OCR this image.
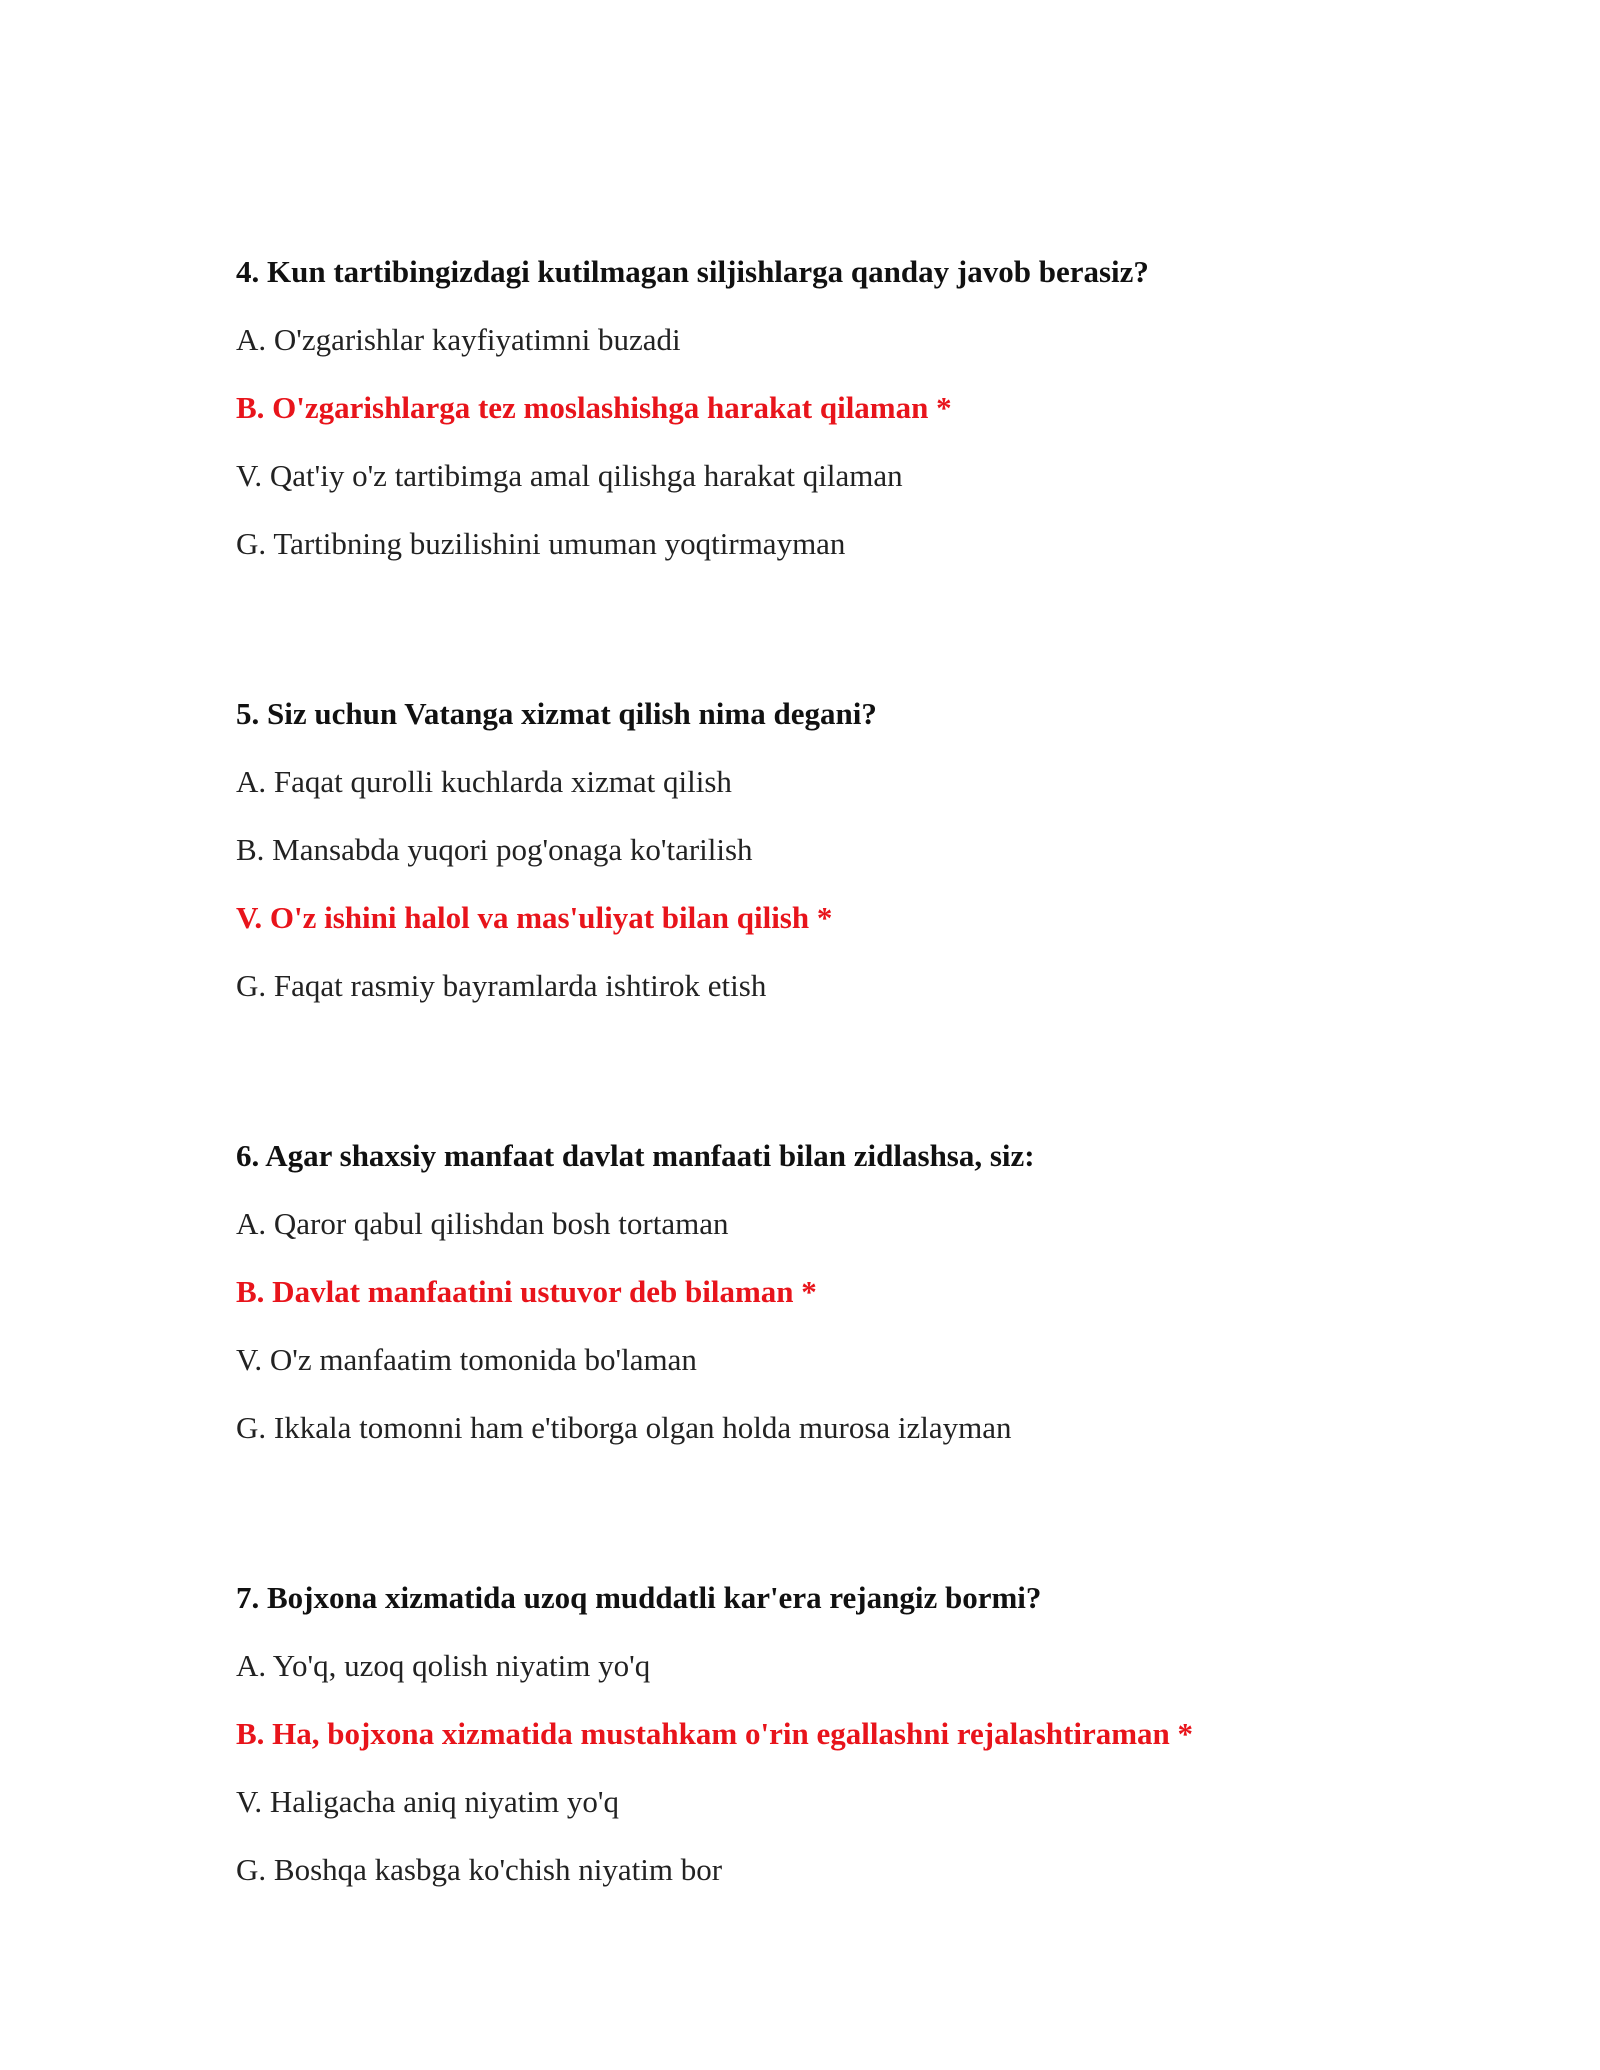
4. Kun tartibingizdagi kutilmagan siljishlarga qanday javob berasiz?
A. O'zgarishlar kayfiyatimni buzadi
B. O'zgarishlarga tez moslashishga harakat qilaman *
V. Qat'iy o'z tartibimga amal qilishga harakat qilaman
G. Tartibning buzilishini umuman yoqtirmayman
5. Siz uchun Vatanga xizmat qilish nima degani?
A. Faqat qurolli kuchlarda xizmat qilish
B. Mansabda yuqori pog'onaga ko'tarilish
V. O'z ishini halol va mas'uliyat bilan qilish *
G. Faqat rasmiy bayramlarda ishtirok etish
6. Agar shaxsiy manfaat davlat manfaati bilan zidlashsa, siz:
A. Qaror qabul qilishdan bosh tortaman
B. Davlat manfaatini ustuvor deb bilaman *
V. O'z manfaatim tomonida bo'laman
G. Ikkala tomonni ham e'tiborga olgan holda murosa izlayman
7. Bojxona xizmatida uzoq muddatli kar'era rejangiz bormi?
A. Yo'q, uzoq qolish niyatim yo'q
B. Ha, bojxona xizmatida mustahkam o'rin egallashni rejalashtiraman *
V. Haligacha aniq niyatim yo'q
G. Boshqa kasbga ko'chish niyatim bor
